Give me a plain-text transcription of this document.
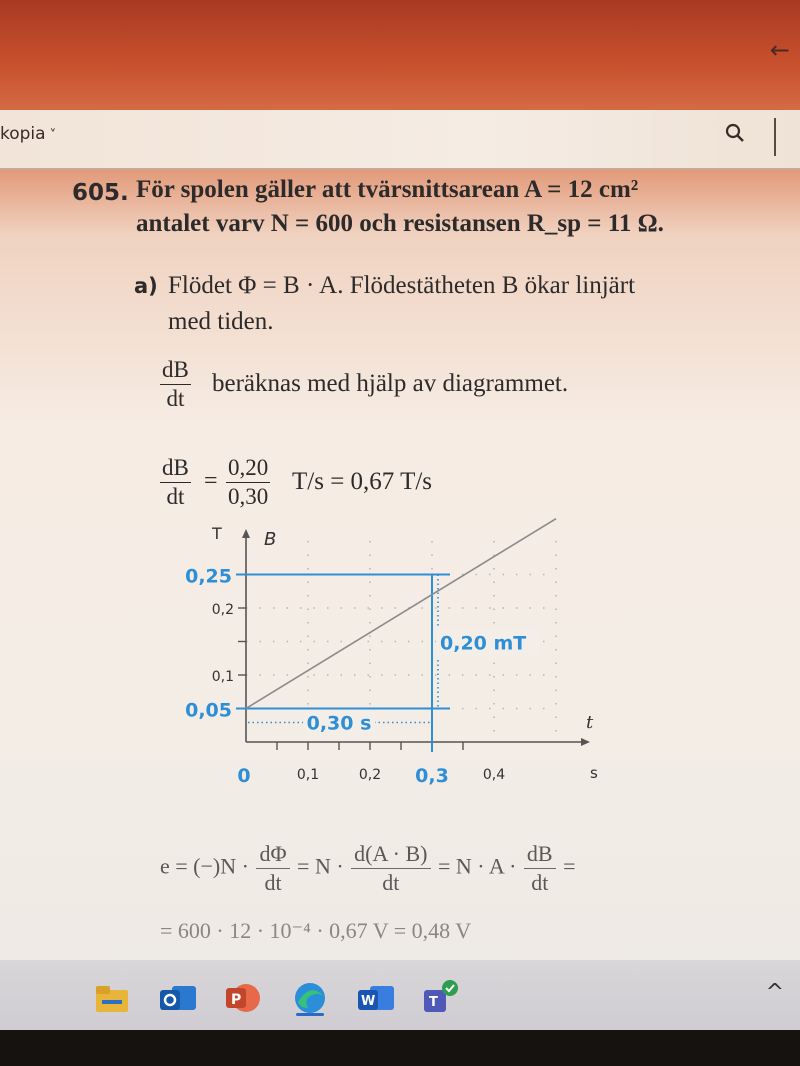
←
kopia ˅
605. För spolen gäller att tvärsnittsarean A = 12 cm²
antalet varv N = 600 och resistansen R_sp = 11 Ω.
a) Flödet Φ = B · A. Flödestätheten B ökar linjärt
med tiden.
$\frac{dB}{dt}$ beräknas med hjälp av diagrammet.
$\frac{dB}{dt} = \frac{0,20}{0,30} T/s = 0,67$ T/s
T B
t
s
0,1
0,2
0,25
0,05
0	0,1	0,2 0,3 0,4
0,20 mT
0,30 s
$e = (-)N \cdot \frac{d\Phi}{dt} = N \cdot \frac{d(A \cdot B)}{dt} = N \cdot A \cdot \frac{dB}{dt}$ =
= 600 · 12 · 10⁻⁴ · 0,67 V = 0,48 V
P	W	T	^
